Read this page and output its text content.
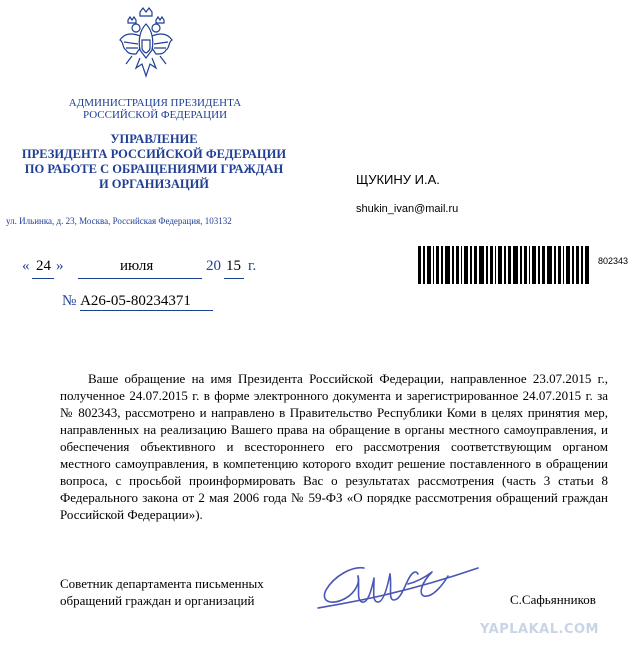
АДМИНИСТРАЦИЯ ПРЕЗИДЕНТА
РОССИЙСКОЙ ФЕДЕРАЦИИ
УПРАВЛЕНИЕ
ПРЕЗИДЕНТА РОССИЙСКОЙ ФЕДЕРАЦИИ
ПО РАБОТЕ С ОБРАЩЕНИЯМИ ГРАЖДАН
И ОРГАНИЗАЦИЙ
ул. Ильинка, д. 23, Москва, Российская Федерация, 103132
ЩУКИНУ И.А.
shukin_ivan@mail.ru
« 24 »	июля	20 15 г.
№ А26-05-80234371
802343
Ваше обращение на имя Президента Российской Федерации, направленное 23.07.2015 г., полученное 24.07.2015 г. в форме электронного документа и зарегистрированное 24.07.2015 г. за № 802343, рассмотрено и направлено в Правительство Республики Коми в целях принятия мер, направленных на реализацию Вашего права на обращение в органы местного самоуправления, и обеспечения объективного и всестороннего его рассмотрения соответствующим органом местного самоуправления, в компетенцию которого входит решение поставленного в обращении вопроса, с просьбой проинформировать Вас о результатах рассмотрения (часть 3 статьи 8 Федерального закона от 2 мая 2006 года № 59-ФЗ «О порядке рассмотрения обращений граждан Российской Федерации»).
Советник департамента письменных
обращений граждан и организаций	С.Сафьянников
YAPLAKAL.COM
